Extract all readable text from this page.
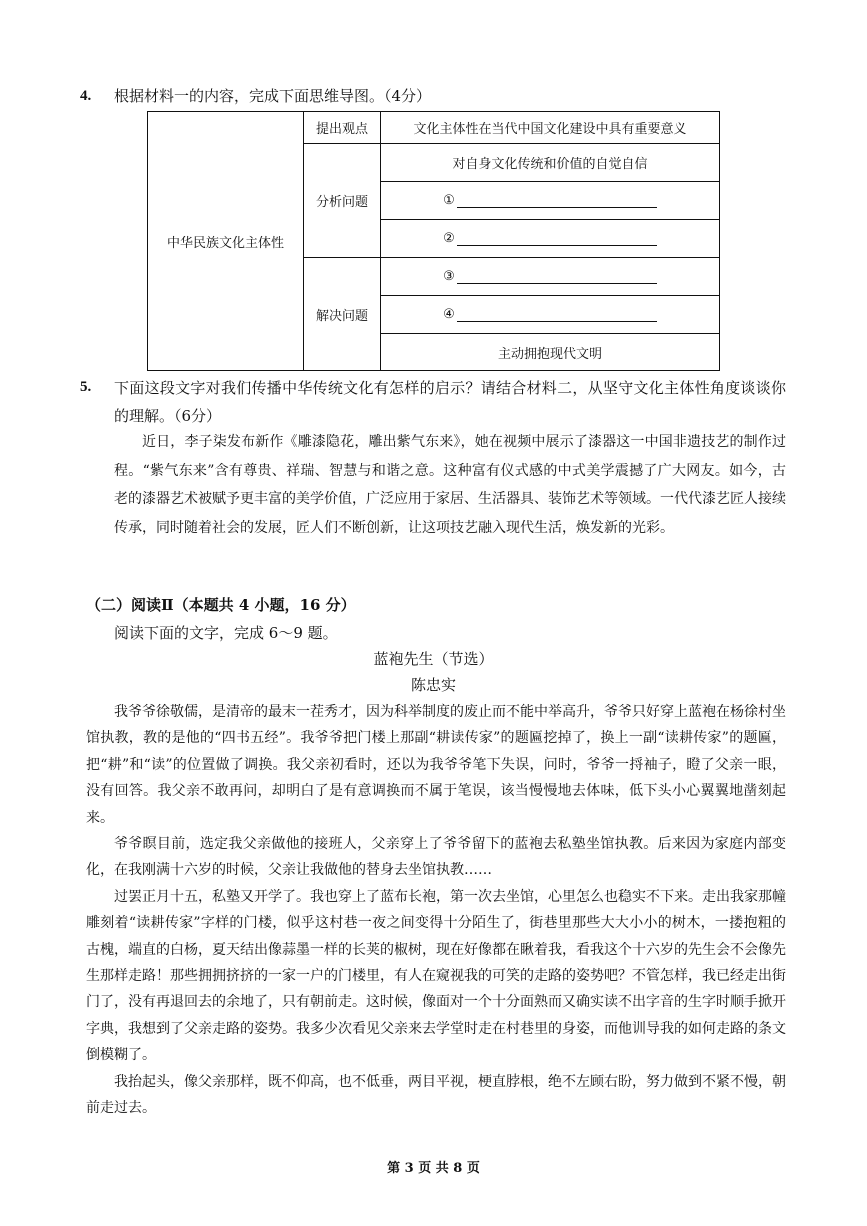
4. 根据材料一的内容，完成下面思维导图。（4分）
中华民族文化主体性	提出观点	文化主体性在当代中国文化建设中具有重要意义
	分析问题	对自身文化传统和价值的自觉自信
		①
		②
	解决问题	③
		④
		主动拥抱现代文明
5. 下面这段文字对我们传播中华传统文化有怎样的启示？请结合材料二，从坚守文化主体性角度谈谈你的理解。（6分）

近日，李子柒发布新作《雕漆隐花，雕出紫气东来》，她在视频中展示了漆器这一中国非遗技艺的制作过程。“紫气东来”含有尊贵、祥瑞、智慧与和谐之意。这种富有仪式感的中式美学震撼了广大网友。如今，古老的漆器艺术被赋予更丰富的美学价值，广泛应用于家居、生活器具、装饰艺术等领域。一代代漆艺匠人接续传承，同时随着社会的发展，匠人们不断创新，让这项技艺融入现代生活，焕发新的光彩。

（二）阅读Ⅱ（本题共 4 小题，16 分）
阅读下面的文字，完成 6～9 题。
蓝袍先生（节选）
陈忠实

我爷爷徐敬儒，是清帝的最末一茬秀才，因为科举制度的废止而不能中举高升，爷爷只好穿上蓝袍在杨徐村坐馆执教，教的是他的“四书五经”。我爷爷把门楼上那副“耕读传家”的题匾挖掉了，换上一副“读耕传家”的题匾，把“耕”和“读”的位置做了调换。我父亲初看时，还以为我爷爷笔下失误，问时，爷爷一捋袖子，瞪了父亲一眼，没有回答。我父亲不敢再问，却明白了是有意调换而不属于笔误，该当慢慢地去体味，低下头小心翼翼地凿刻起来。

爷爷瞑目前，选定我父亲做他的接班人，父亲穿上了爷爷留下的蓝袍去私塾坐馆执教。后来因为家庭内部变化，在我刚满十六岁的时候，父亲让我做他的替身去坐馆执教……

过罢正月十五，私塾又开学了。我也穿上了蓝布长袍，第一次去坐馆，心里怎么也稳实不下来。走出我家那幢雕刻着“读耕传家”字样的门楼，似乎这村巷一夜之间变得十分陌生了，街巷里那些大大小小的树木，一搂抱粗的古槐，端直的白杨，夏天结出像蒜墨一样的长荚的椒树，现在好像都在瞅着我，看我这个十六岁的先生会不会像先生那样走路！那些拥拥挤挤的一家一户的门楼里，有人在窥视我的可笑的走路的姿势吧？不管怎样，我已经走出街门了，没有再退回去的余地了，只有朝前走。这时候，像面对一个十分面熟而又确实读不出字音的生字时顺手掀开字典，我想到了父亲走路的姿势。我多少次看见父亲来去学堂时走在村巷里的身姿，而他训导我的如何走路的条文倒模糊了。

我抬起头，像父亲那样，既不仰高，也不低垂，两目平视，梗直脖根，绝不左顾右盼，努力做到不紧不慢，朝前走过去。

第 3 页 共 8 页
